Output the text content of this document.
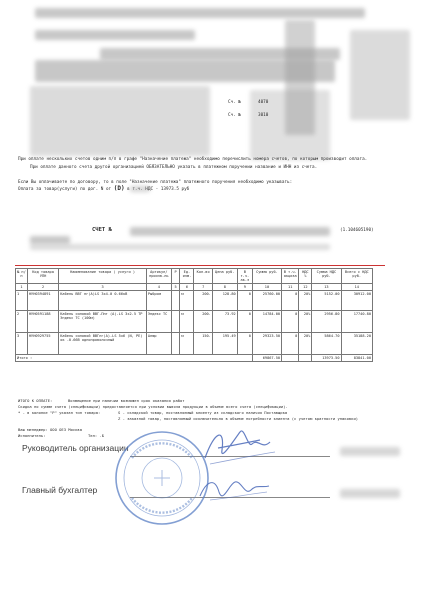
Сч. №	4070
Сч. №	3010
При оплате нескольких счетов одним п/п в графе "Назначение платежа" необходимо перечислить номера счетов, по которым производит оплата.
При оплате данного счета другой организацией ОБЯЗАТЕЛЬНО указать в платежном поручении название и ИНН из счета.
Если Вы оплачиваете по договору, то в поле "Назначение платежа" платежного поручения необходимо указывать:
Оплата за товар(услуги) по дог. N от (D) в т.ч. НДС - 13973.5 руб
СЧЕТ №	(1.104605190)
№ п/п	Код товара УПН	Наименование товара ( услуги )	Артикул/ произв-ль	Р	Ед. изм.	Кол-во	Цена руб.	В т.ч. ак-з	Сумма руб.	В т.ч. акциза	НДС %	Сумма НДС руб.	Всего с НДС руб.
1	2	3	4	5	6	7	8	9	10	11	12	13	14
1	НУН0394891	Кабель ВВГ нг(А)LS 3х4.0 0.66кВ	Рыбром		м	200.	128.80	0	25760.00	0	20%	5152.00	30912.00
2	НУН0591188	Кабель силовой ВВГ-Пнг (А)-LS 3х2.5 ТР Эндекс ТС (100м)	Эндекс ТС		м	200.	73.92	0	14784.00	0	20%	2956.80	17740.80
3	НУН0929755	Кабель силовой ВВГнг(А)-LS 5х6 (N, PE) ок -0.66В однопроволочный	Алюр		м	150.	195.49	0	29323.50	0	20%	5864.70	35188.20
Итого :									69867.50			13973.50	83841.00
ИТОГО К ОПЛАТЕ:	Возмещение при наличии возможен срок оказания работ
Скидка по сумме счета (спецификации) предоставляется при условии вывоза продукции в объеме всего счета (спецификации).
* - в колонке "Р" указан тип товара:	S - складской товар, поставляемый клиенту из складского наличия Поставщика
Z - заказной товар, поставляемый исключительно в объеме потребности клиента (с учетом кратности упаковки)
Ваш менеджер: ООО ОЕЗ Москва
Исполнитель:	Тел: -Б
Руководитель организации
Главный бухгалтер
